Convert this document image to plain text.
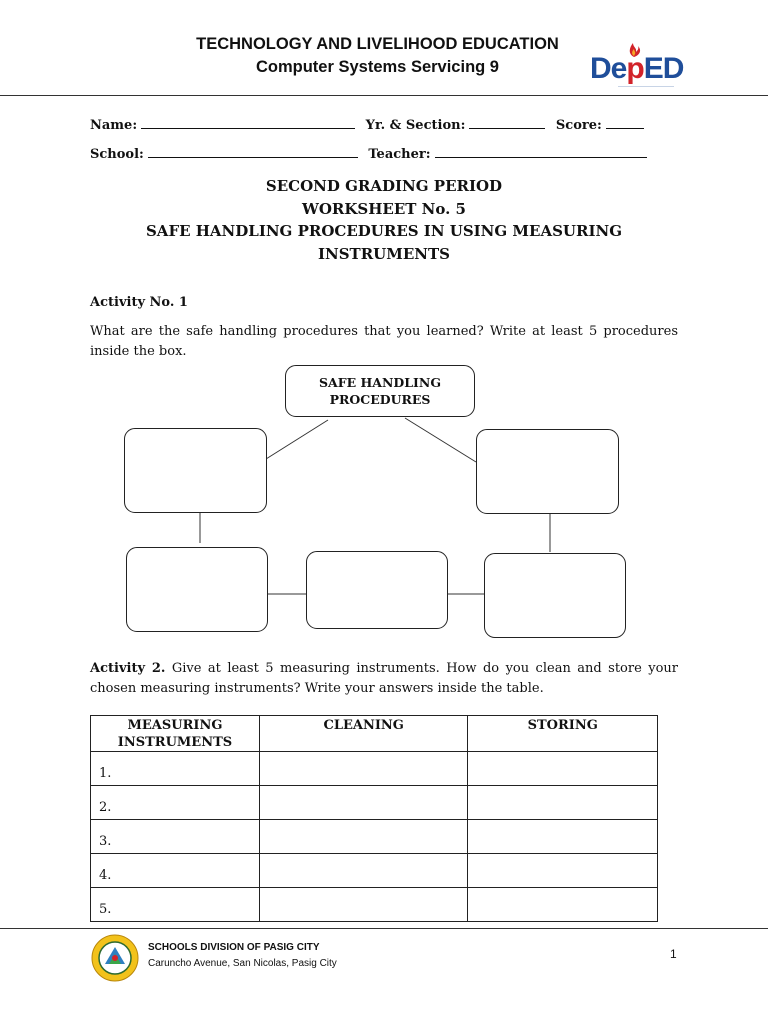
TECHNOLOGY AND LIVELIHOOD EDUCATION
Computer Systems Servicing 9	DepED
——————————————
Name:	Yr. & Section:	Score:
School:	Teacher:
SECOND GRADING PERIOD
WORKSHEET No. 5
SAFE HANDLING PROCEDURES IN USING MEASURING
INSTRUMENTS
Activity No. 1
What are the safe handling procedures that you learned? Write at least 5 procedures inside the box.
SAFE HANDLING
PROCEDURES
Activity 2. Give at least 5 measuring instruments. How do you clean and store your chosen measuring instruments? Write your answers inside the table.
MEASURING INSTRUMENTS	CLEANING	STORING
1.		
2.		
3.		
4.		
5.		
SCHOOLS DIVISION OF PASIG CITY
Caruncho Avenue, San Nicolas, Pasig City
1
